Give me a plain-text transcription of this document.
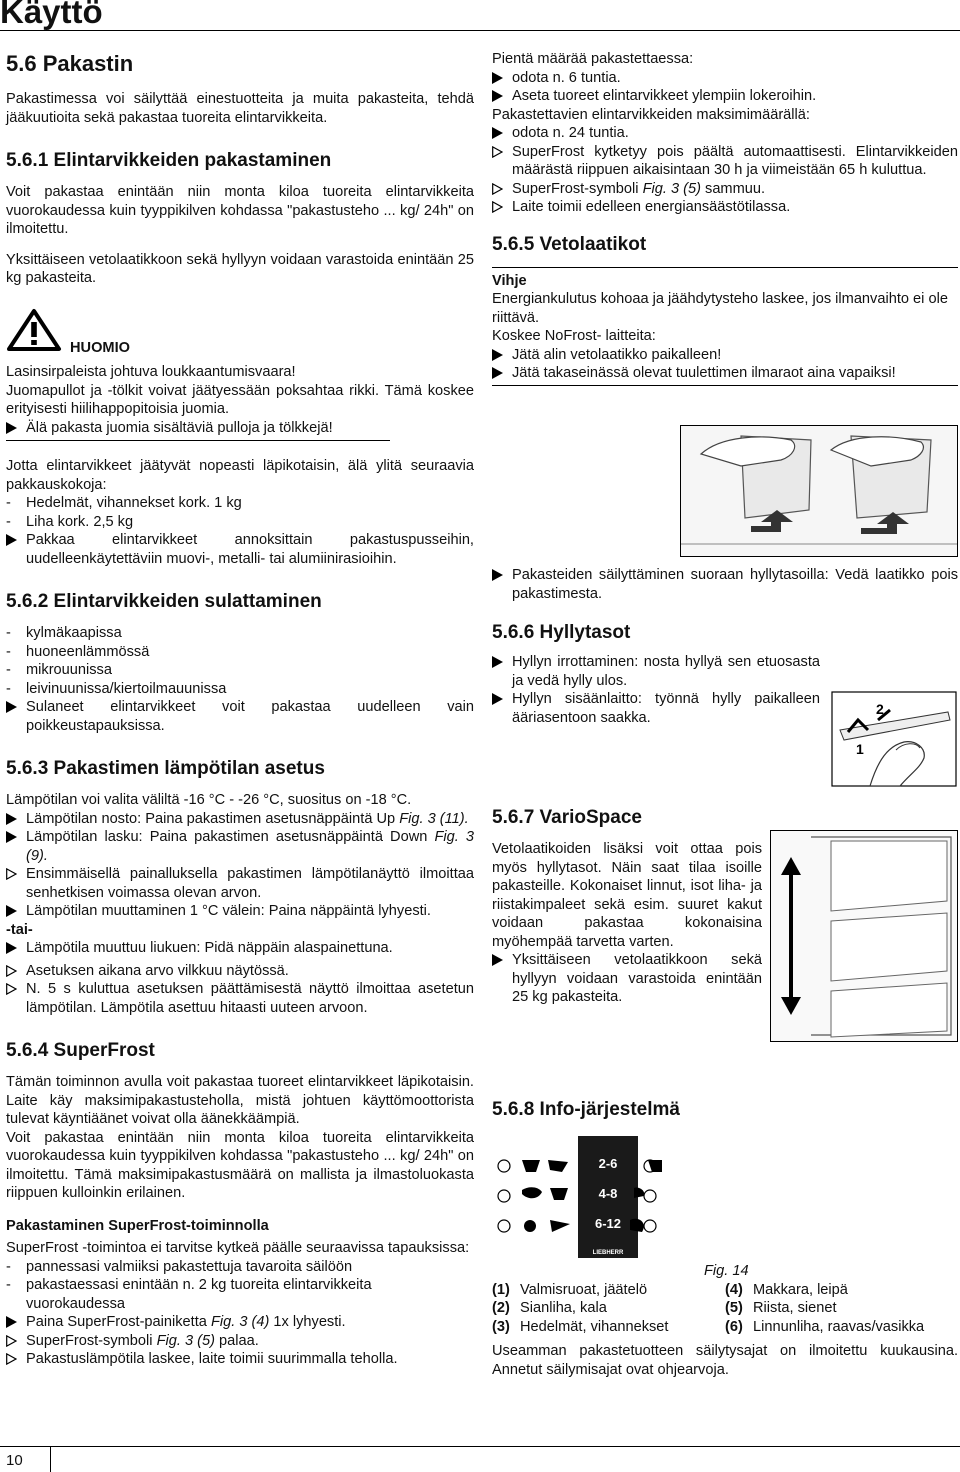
Käyttö
5.6 Pakastin

Pakastimessa voi säilyttää einestuotteita ja muita pakasteita, tehdä jääkuutioita sekä pakastaa tuoreita elintarvikkeita.

5.6.1 Elintarvikkeiden pakastaminen

Voit pakastaa enintään niin monta kiloa tuoreita elintarvikkeita vuorokaudessa kuin tyyppikilven kohdassa "pakastusteho ... kg/ 24h" on ilmoitettu.

Yksittäiseen vetolaatikkoon sekä hyllyyn voidaan varastoida enintään 25 kg pakasteita.

HUOMIO

Lasinsirpaleista johtuva loukkaantumisvaara!

Juomapullot ja -tölkit voivat jäätyessään poksahtaa rikki. Tämä koskee erityisesti hiilihappopitoisia juomia.

Älä pakasta juomia sisältäviä pulloja ja tölkkejä!

Jotta elintarvikkeet jäätyvät nopeasti läpikotaisin, älä ylitä seuraavia pakkauskokoja:

-	Hedelmät, vihannekset kork. 1 kg
-	Liha kork. 2,5 kg
Pakkaa elintarvikkeet annoksittain pakastuspusseihin, uudelleenkäytettäviin muovi-, metalli- tai alumiinirasioihin.
5.6.2 Elintarvikkeiden sulattaminen
-	kylmäkaapissa
-	huoneenlämmössä
-	mikrouunissa
-	leivinuunissa/kiertoilmauunissa
Sulaneet elintarvikkeet voit pakastaa uudelleen vain poikkeustapauksissa.
5.6.3 Pakastimen lämpötilan asetus

Lämpötilan voi valita väliltä -16 °C - -26 °C, suositus on -18 °C.

Lämpötilan nosto: Paina pakastimen asetusnäppäintä Up Fig. 3 (11).
Lämpötilan lasku: Paina pakastimen asetusnäppäintä Down Fig. 3 (9).
Ensimmäisellä painalluksella pakastimen lämpötilanäyttö ilmoittaa senhetkisen voimassa olevan arvon.
Lämpötilan muuttaminen 1 °C välein: Paina näppäintä lyhyesti.

-tai-

Lämpötila muuttuu liukuen: Pidä näppäin alaspainettuna.
Asetuksen aikana arvo vilkkuu näytössä.
N. 5 s kuluttua asetuksen päättämisestä näyttö ilmoittaa asetetun lämpötilan. Lämpötila asettuu hitaasti uuteen arvoon.
5.6.4 SuperFrost

Tämän toiminnon avulla voit pakastaa tuoreet elintarvikkeet läpikotaisin. Laite käy maksimipakastusteholla, mistä johtuen käyttömoottorista tulevat käyntiäänet voivat olla äänekkäämpiä.

Voit pakastaa enintään niin monta kiloa tuoreita elintarvikkeita vuorokaudessa kuin tyyppikilven kohdassa "pakastusteho ... kg/ 24h" on ilmoitettu. Tämä maksimipakastusmäärä on mallista ja ilmastoluokasta riippuen kulloinkin erilainen.

Pakastaminen SuperFrost-toiminnolla

SuperFrost -toimintoa ei tarvitse kytkeä päälle seuraavissa tapauksissa:

-	pannessasi valmiiksi pakastettuja tavaroita säilöön
-	pakastaessasi enintään n. 2 kg tuoreita elintarvikkeita vuorokaudessa
Paina SuperFrost-painiketta Fig. 3 (4) 1x lyhyesti.
SuperFrost-symboli Fig. 3 (5) palaa.
Pakastuslämpötila laskee, laite toimii suurimmalla teholla.

Pientä määrää pakastettaessa:

odota n. 6 tuntia.
Aseta tuoreet elintarvikkeet ylempiin lokeroihin.

Pakastettavien elintarvikkeiden maksimimäärällä:

odota n. 24 tuntia.
SuperFrost kytketyy pois päältä automaattisesti. Elintarvikkeiden määrästä riippuen aikaisintaan 30 h ja viimeistään 65 h kuluttua.
SuperFrost-symboli Fig. 3 (5) sammuu.
Laite toimii edelleen energiansäästötilassa.
5.6.5 Vetolaatikot

Vihje

Energiankulutus kohoaa ja jäähdytysteho laskee, jos ilmanvaihto ei ole riittävä.

Koskee NoFrost- laitteita:

Jätä alin vetolaatikko paikalleen!
Jätä takaseinässä olevat tuulettimen ilmaraot aina vapaiksi!
Pakasteiden säilyttäminen suoraan hyllytasoilla: Vedä laatikko pois pakastimesta.
5.6.6 Hyllytasot
Hyllyn irrottaminen: nosta hyllyä sen etuosasta ja vedä hylly ulos.
Hyllyn sisäänlaitto: työnnä hylly paikalleen ääriasentoon saakka.
1
2
5.6.7 VarioSpace

Vetolaatikoiden lisäksi voit ottaa pois myös hyllytasot. Näin saat tilaa isoille pakasteille. Kokonaiset linnut, isot liha- ja riistakimpaleet sekä esim. suuret kakut voidaan pakastaa kokonaisina myöhempää tarvetta varten.

Yksittäiseen vetolaatikkoon sekä hyllyyn voidaan varastoida enintään 25 kg pakasteita.
5.6.8 Info-järjestelmä
2-6
4-8
6-12
LIEBHERR

Fig. 14

(1) Valmisruoat, jäätelö	(4) Makkara, leipä
(2) Sianliha, kala	(5) Riista, sienet
(3) Hedelmät, vihannekset	(6) Linnunliha, raavas/vasikka

Useamman pakastetuotteen säilytysajat on ilmoitettu kuukausina. Annetut säilymisajat ovat ohjearvoja.

10
